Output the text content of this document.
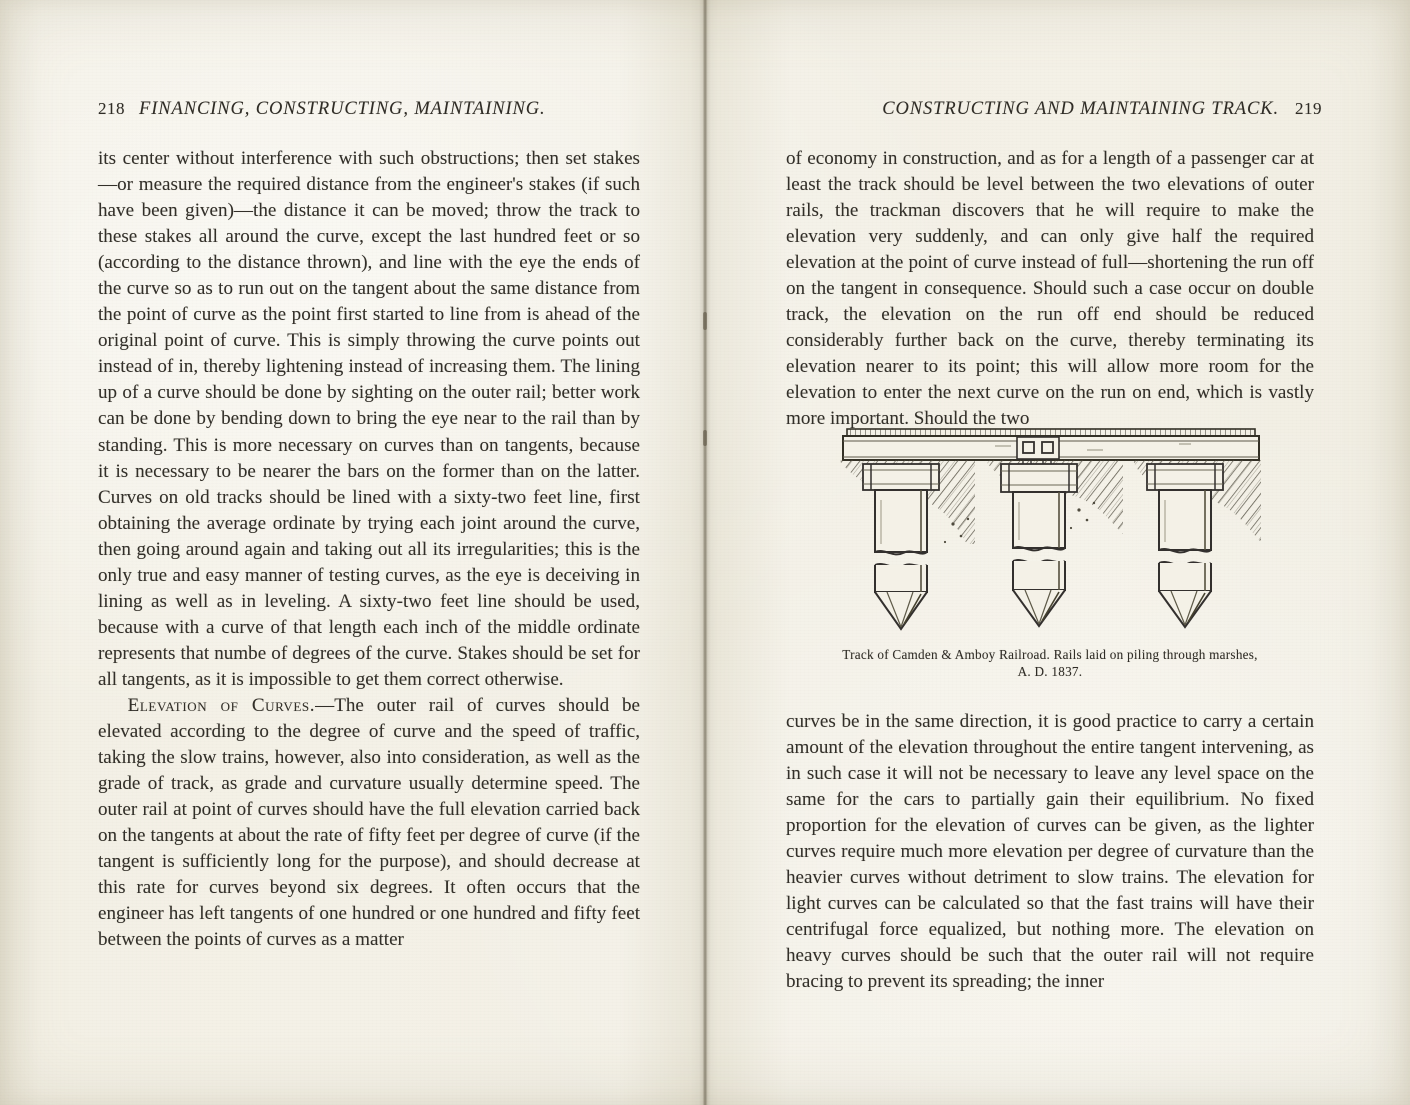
218 FINANCING, CONSTRUCTING, MAINTAINING.

its center without interference with such obstructions; then set stakes—or measure the required distance from the engineer's stakes (if such have been given)—the distance it can be moved; throw the track to these stakes all around the curve, except the last hundred feet or so (according to the distance thrown), and line with the eye the ends of the curve so as to run out on the tangent about the same distance from the point of curve as the point first started to line from is ahead of the original point of curve. This is simply throwing the curve points out instead of in, thereby lightening instead of increasing them. The lining up of a curve should be done by sighting on the outer rail; better work can be done by bending down to bring the eye near to the rail than by standing. This is more necessary on curves than on tangents, because it is necessary to be nearer the bars on the former than on the latter. Curves on old tracks should be lined with a sixty-two feet line, first obtaining the average ordinate by trying each joint around the curve, then going around again and taking out all its irregularities; this is the only true and easy manner of testing curves, as the eye is deceiving in lining as well as in leveling. A sixty-two feet line should be used, because with a curve of that length each inch of the middle ordinate represents that numbe of degrees of the curve. Stakes should be set for all tangents, as it is impossible to get them correct otherwise.

Elevation of Curves.—The outer rail of curves should be elevated according to the degree of curve and the speed of traffic, taking the slow trains, however, also into consideration, as well as the grade of track, as grade and curvature usually determine speed. The outer rail at point of curves should have the full elevation carried back on the tangents at about the rate of fifty feet per degree of curve (if the tangent is sufficiently long for the purpose), and should decrease at this rate for curves beyond six degrees. It often occurs that the engineer has left tangents of one hundred or one hundred and fifty feet between the points of curves as a matter

CONSTRUCTING AND MAINTAINING TRACK. 219

of economy in construction, and as for a length of a passenger car at least the track should be level between the two elevations of outer rails, the trackman discovers that he will require to make the elevation very suddenly, and can only give half the required elevation at the point of curve instead of full—shortening the run off on the tangent in consequence. Should such a case occur on double track, the elevation on the run off end should be reduced considerably further back on the curve, thereby terminating its elevation nearer to its point; this will allow more room for the elevation to enter the next curve on the run on end, which is vastly more important. Should the two

Track of Camden & Amboy Railroad. Rails laid on piling through marshes,
A. D. 1837.

curves be in the same direction, it is good practice to carry a certain amount of the elevation throughout the entire tangent intervening, as in such case it will not be necessary to leave any level space on the same for the cars to partially gain their equilibrium. No fixed proportion for the elevation of curves can be given, as the lighter curves require much more elevation per degree of curvature than the heavier curves without detriment to slow trains. The elevation for light curves can be calculated so that the fast trains will have their centrifugal force equalized, but nothing more. The elevation on heavy curves should be such that the outer rail will not require bracing to prevent its spreading; the inner
